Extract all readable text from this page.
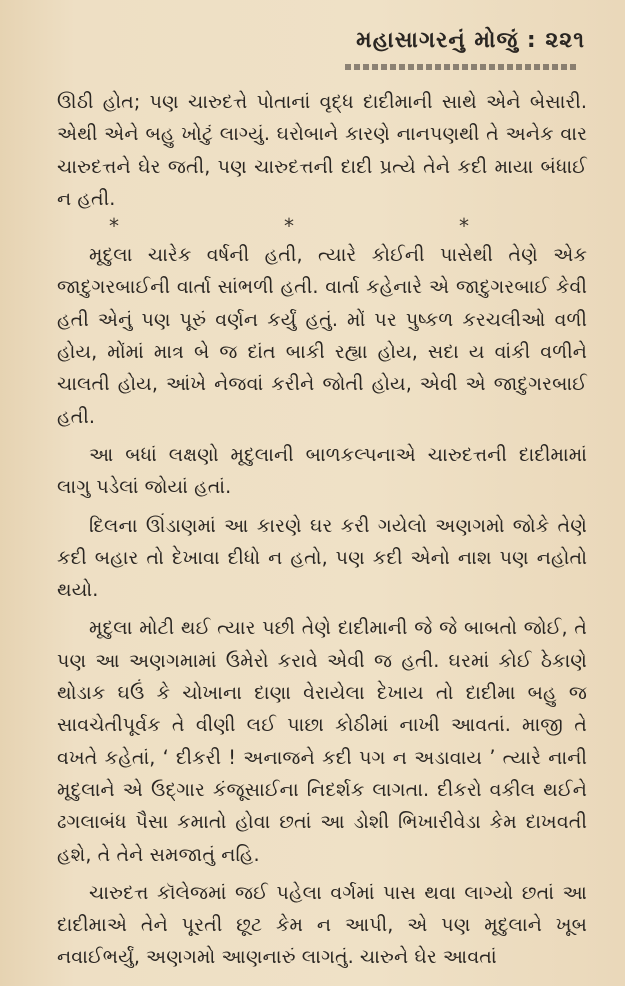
મહાસાગરનું મોજું : ૨૨૧

ઊઠી હોત; પણ ચારુદત્તે પોતાનાં વૃદ્ધ દાદીમાની સાથે એને બેસારી. એથી એને બહુ ખોટું લાગ્યું. ઘરોબાને કારણે નાનપણથી તે અનેક વાર ચારુદત્તને ઘેર જતી, પણ ચારુદત્તની દાદી પ્રત્યે તેને કદી માયા બંધાઈ ન હતી.

*	*	*

મૃદુલા ચારેક વર્ષની હતી, ત્યારે કોઈની પાસેથી તેણે એક જાદુગરબાઈની વાર્તા સાંભળી હતી. વાર્તા કહેનારે એ જાદુગરબાઈ કેવી હતી એનું પણ પૂરું વર્ણન કર્યું હતું. મોં પર પુષ્કળ કરચલીઓ વળી હોય, મોંમાં માત્ર બે જ દાંત બાકી રહ્યા હોય, સદા ય વાંકી વળીને ચાલતી હોય, આંખે નેજવાં કરીને જોતી હોય, એવી એ જાદુગરબાઈ હતી.

આ બધાં લક્ષણો મૃદુલાની બાળકલ્પનાએ ચારુદત્તની દાદીમામાં લાગુ પડેલાં જોયાં હતાં.

દિલના ઊંડાણમાં આ કારણે ઘર કરી ગયેલો અણગમો જોકે તેણે કદી બહાર તો દેખાવા દીધો ન હતો, પણ કદી એનો નાશ પણ નહોતો થયો.

મૃદુલા મોટી થઈ ત્યાર પછી તેણે દાદીમાની જે જે બાબતો જોઈ, તે પણ આ અણગમામાં ઉમેરો કરાવે એવી જ હતી. ઘરમાં કોઈ ઠેકાણે થોડાક ઘઉં કે ચોખાના દાણા વેરાયેલા દેખાય તો દાદીમા બહુ જ સાવચેતીપૂર્વક તે વીણી લઈ પાછા કોઠીમાં નાખી આવતાં. માજી તે વખતે કહેતાં, ‘ દીકરી ! અનાજને કદી પગ ન અડાવાય ’ ત્યારે નાની મૃદુલાને એ ઉદ્ગાર કંજૂસાઈના નિદર્શક લાગતા. દીકરો વકીલ થઈને ઢગલાબંધ પૈસા કમાતો હોવા છતાં આ ડોશી ભિખારીવેડા કેમ દાખવતી હશે, તે તેને સમજાતું નહિ.

ચારુદત્ત કૉલેજમાં જઈ પહેલા વર્ગમાં પાસ થવા લાગ્યો છતાં આ દાદીમાએ તેને પૂરતી છૂટ કેમ ન આપી, એ પણ મૃદુલાને ખૂબ નવાઈભર્યું, અણગમો આણનારું લાગતું. ચારુને ઘેર આવતાં
